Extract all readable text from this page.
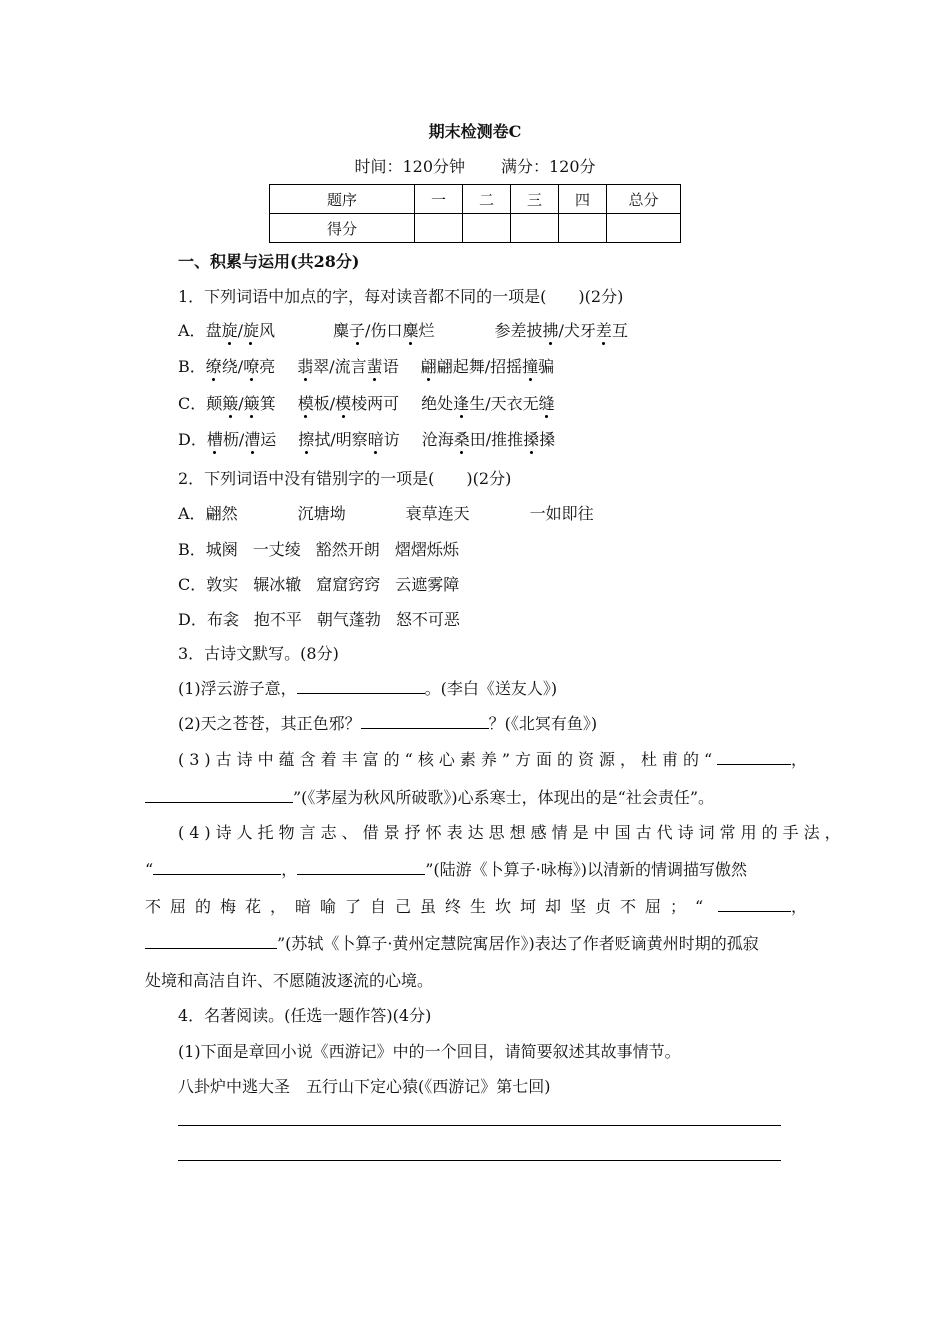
期末检测卷C
时间：120分钟 满分：120分
题序	一	二	三	四	总分
得分					
一、积累与运用(共28分)
1．下列词语中加点的字，每对读音都不同的一项是(　　)(2分)
A．盘旋/旋风	麋子/伤口麋烂	参差披拂/犬牙差互
B．缭绕/嘹亮 翡翠/流言蜚语 翩翩起舞/招摇撞骗
C．颠簸/簸箕 模板/模棱两可 绝处逢生/天衣无缝
D．槽枥/漕运 擦拭/明察暗访 沧海桑田/推推搡搡
2．下列词语中没有错别字的一项是(　　)(2分)
A．翩然	沉塘坳	衰草连天	一如即往
B．城阕 一丈绫 豁然开朗 熠熠烁烁
C．敦实 辗冰辙 窟窟窍窍 云遮雾障
D．布衾 抱不平 朝气蓬勃 怒不可恶
3．古诗文默写。(8分)
(1)浮云游子意，	。(李白《送友人》)
(2)天之苍苍，其正色邪？	？(《北冥有鱼》)
(3)古诗中蕴含着丰富的“核心素养”方面的资源，杜甫的“	，
”(《茅屋为秋风所破歌》)心系寒士，体现出的是“社会责任”。
(4)诗人托物言志、借景抒怀表达思想感情是中国古代诗词常用的手法，
“	，	”(陆游《卜算子·咏梅》)以清新的情调描写傲然
不屈的梅花，暗喻了自己虽终生坎坷却坚贞不屈；“	，
”(苏轼《卜算子·黄州定慧院寓居作》)表达了作者贬谪黄州时期的孤寂
处境和高洁自许、不愿随波逐流的心境。
4．名著阅读。(任选一题作答)(4分)
(1)下面是章回小说《西游记》中的一个回目，请简要叙述其故事情节。
八卦炉中逃大圣　五行山下定心猿(《西游记》第七回)
